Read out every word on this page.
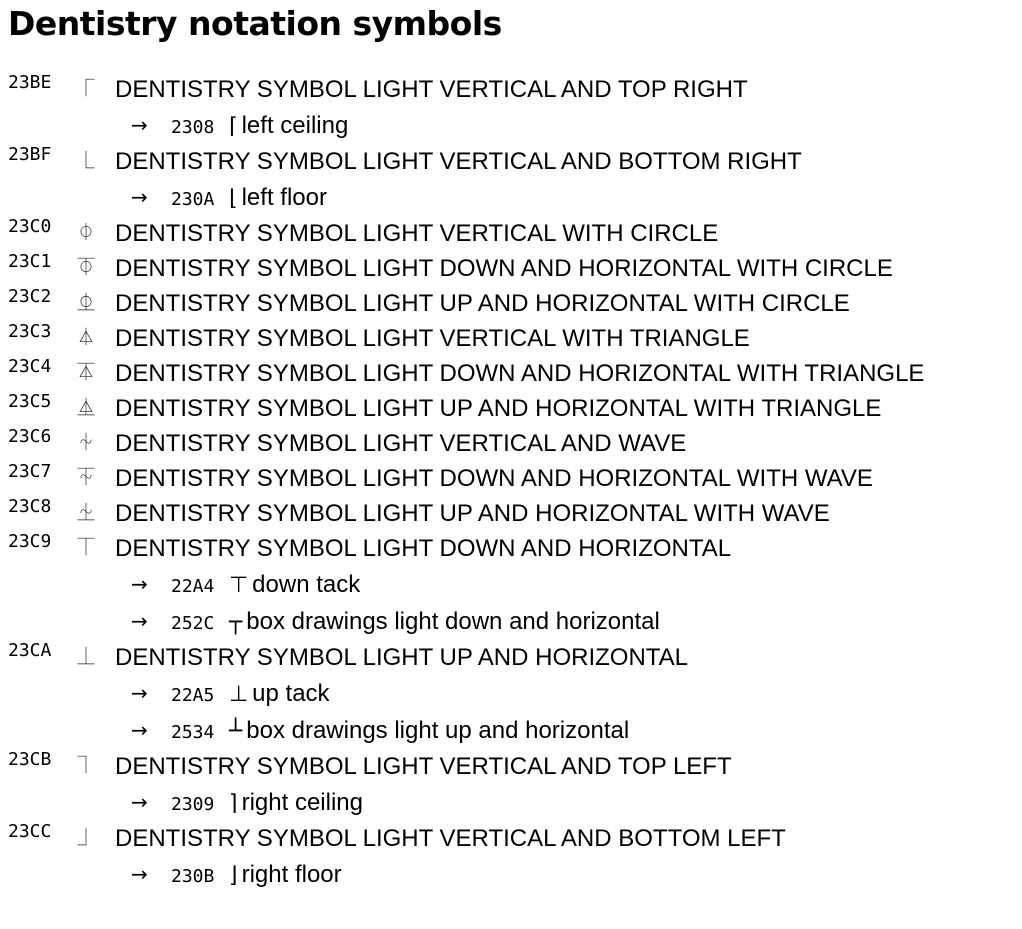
Dentistry notation symbols
23BE ⎾ DENTISTRY SYMBOL LIGHT VERTICAL AND TOP RIGHT
→ 2308 ⌈ left ceiling
23BF ⎿ DENTISTRY SYMBOL LIGHT VERTICAL AND BOTTOM RIGHT
→ 230A ⌊ left floor
23C0 ⏀ DENTISTRY SYMBOL LIGHT VERTICAL WITH CIRCLE
23C1 ⏁ DENTISTRY SYMBOL LIGHT DOWN AND HORIZONTAL WITH CIRCLE
23C2 ⏂ DENTISTRY SYMBOL LIGHT UP AND HORIZONTAL WITH CIRCLE
23C3 ⏃ DENTISTRY SYMBOL LIGHT VERTICAL WITH TRIANGLE
23C4 ⏄ DENTISTRY SYMBOL LIGHT DOWN AND HORIZONTAL WITH TRIANGLE
23C5 ⏅ DENTISTRY SYMBOL LIGHT UP AND HORIZONTAL WITH TRIANGLE
23C6 ⏆ DENTISTRY SYMBOL LIGHT VERTICAL AND WAVE
23C7 ⏇ DENTISTRY SYMBOL LIGHT DOWN AND HORIZONTAL WITH WAVE
23C8 ⏈ DENTISTRY SYMBOL LIGHT UP AND HORIZONTAL WITH WAVE
23C9 ⏉ DENTISTRY SYMBOL LIGHT DOWN AND HORIZONTAL
→ 22A4 ⊤ down tack
→ 252C ┬ box drawings light down and horizontal
23CA ⏊ DENTISTRY SYMBOL LIGHT UP AND HORIZONTAL
→ 22A5 ⊥ up tack
→ 2534 ┴ box drawings light up and horizontal
23CB ⏋ DENTISTRY SYMBOL LIGHT VERTICAL AND TOP LEFT
→ 2309 ⌉ right ceiling
23CC ⏌ DENTISTRY SYMBOL LIGHT VERTICAL AND BOTTOM LEFT
→ 230B ⌋ right floor
